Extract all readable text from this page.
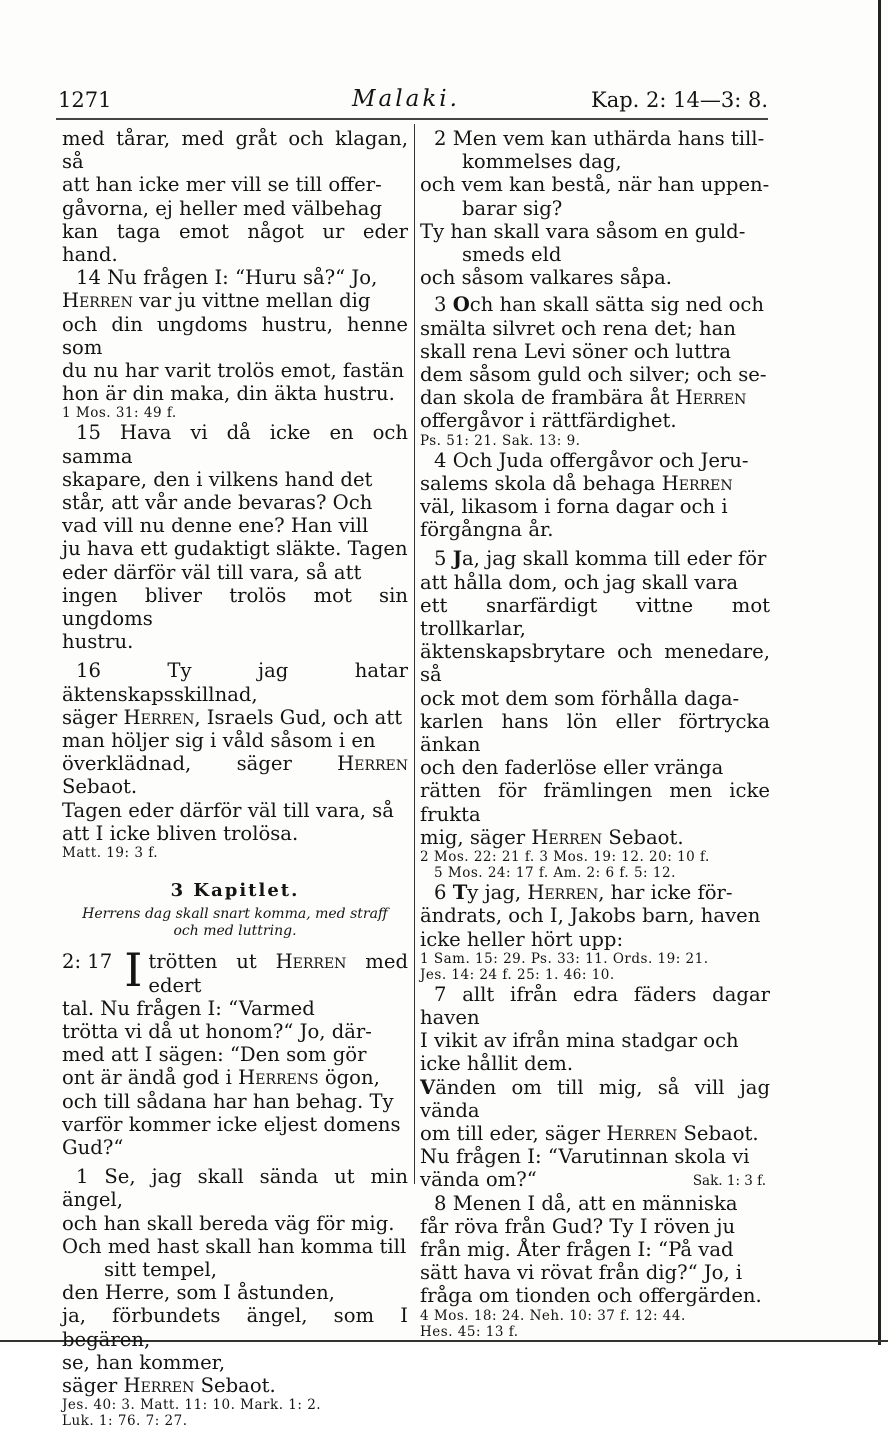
1271	Malaki.	Kap. 2: 14—3: 8.

med tårar, med gråt och klagan, så

att han icke mer vill se till offer-

gåvorna, ej heller med välbehag

kan taga emot något ur eder hand.

14 Nu frågen I: “Huru så?“ Jo,

Herren var ju vittne mellan dig

och din ungdoms hustru, henne som

du nu har varit trolös emot, fastän

hon är din maka, din äkta hustru.

1 Mos. 31: 49 f.

15 Hava vi då icke en och samma

skapare, den i vilkens hand det

står, att vår ande bevaras? Och

vad vill nu denne ene? Han vill

ju hava ett gudaktigt släkte. Tagen

eder därför väl till vara, så att

ingen bliver trolös mot sin ungdoms

hustru.

16 Ty jag hatar äktenskapsskillnad,

säger Herren, Israels Gud, och att

man höljer sig i våld såsom i en

överklädnad, säger Herren Sebaot.

Tagen eder därför väl till vara, så

att I icke bliven trolösa.

Matt. 19: 3 f.

3 Kapitlet.
Herrens dag skall snart komma, med straff
och med luttring.
2: 17 I trötten ut Herren med edert

tal. Nu frågen I: “Varmed

trötta vi då ut honom?“ Jo, där-

med att I sägen: “Den som gör

ont är ändå god i Herrens ögon,

och till sådana har han behag. Ty

varför kommer icke eljest domens

Gud?“

1 Se, jag skall sända ut min ängel,

och han skall bereda väg för mig.

Och med hast skall han komma till

sitt tempel,

den Herre, som I åstunden,

ja, förbundets ängel, som I begären,

se, han kommer,

säger Herren Sebaot.

Jes. 40: 3. Matt. 11: 10. Mark. 1: 2.

Luk. 1: 76. 7: 27.

2 Men vem kan uthärda hans till-

kommelses dag,

och vem kan bestå, när han uppen-

barar sig?

Ty han skall vara såsom en guld-

smeds eld

och såsom valkares såpa.

3 Och han skall sätta sig ned och

smälta silvret och rena det; han

skall rena Levi söner och luttra

dem såsom guld och silver; och se-

dan skola de frambära åt Herren

offergåvor i rättfärdighet.

Ps. 51: 21. Sak. 13: 9.

4 Och Juda offergåvor och Jeru-

salems skola då behaga Herren

väl, likasom i forna dagar och i

förgångna år.

5 Ja, jag skall komma till eder för

att hålla dom, och jag skall vara

ett snarfärdigt vittne mot trollkarlar,

äktenskapsbrytare och menedare, så

ock mot dem som förhålla daga-

karlen hans lön eller förtrycka änkan

och den faderlöse eller vränga

rätten för främlingen men icke frukta

mig, säger Herren Sebaot.

2 Mos. 22: 21 f. 3 Mos. 19: 12. 20: 10 f.

5 Mos. 24: 17 f. Am. 2: 6 f. 5: 12.

6 Ty jag, Herren, har icke för-

ändrats, och I, Jakobs barn, haven

icke heller hört upp:

1 Sam. 15: 29. Ps. 33: 11. Ords. 19: 21.

Jes. 14: 24 f. 25: 1. 46: 10.

7 allt ifrån edra fäders dagar haven

I vikit av ifrån mina stadgar och

icke hållit dem.

Vänden om till mig, så vill jag vända

om till eder, säger Herren Sebaot.

Nu frågen I: “Varutinnan skola vi

vända om?“	Sak. 1: 3 f.

8 Menen I då, att en människa

får röva från Gud? Ty I röven ju

från mig. Åter frågen I: “På vad

sätt hava vi rövat från dig?“ Jo, i

fråga om tionden och offergärden.

4 Mos. 18: 24. Neh. 10: 37 f. 12: 44.

Hes. 45: 13 f.
